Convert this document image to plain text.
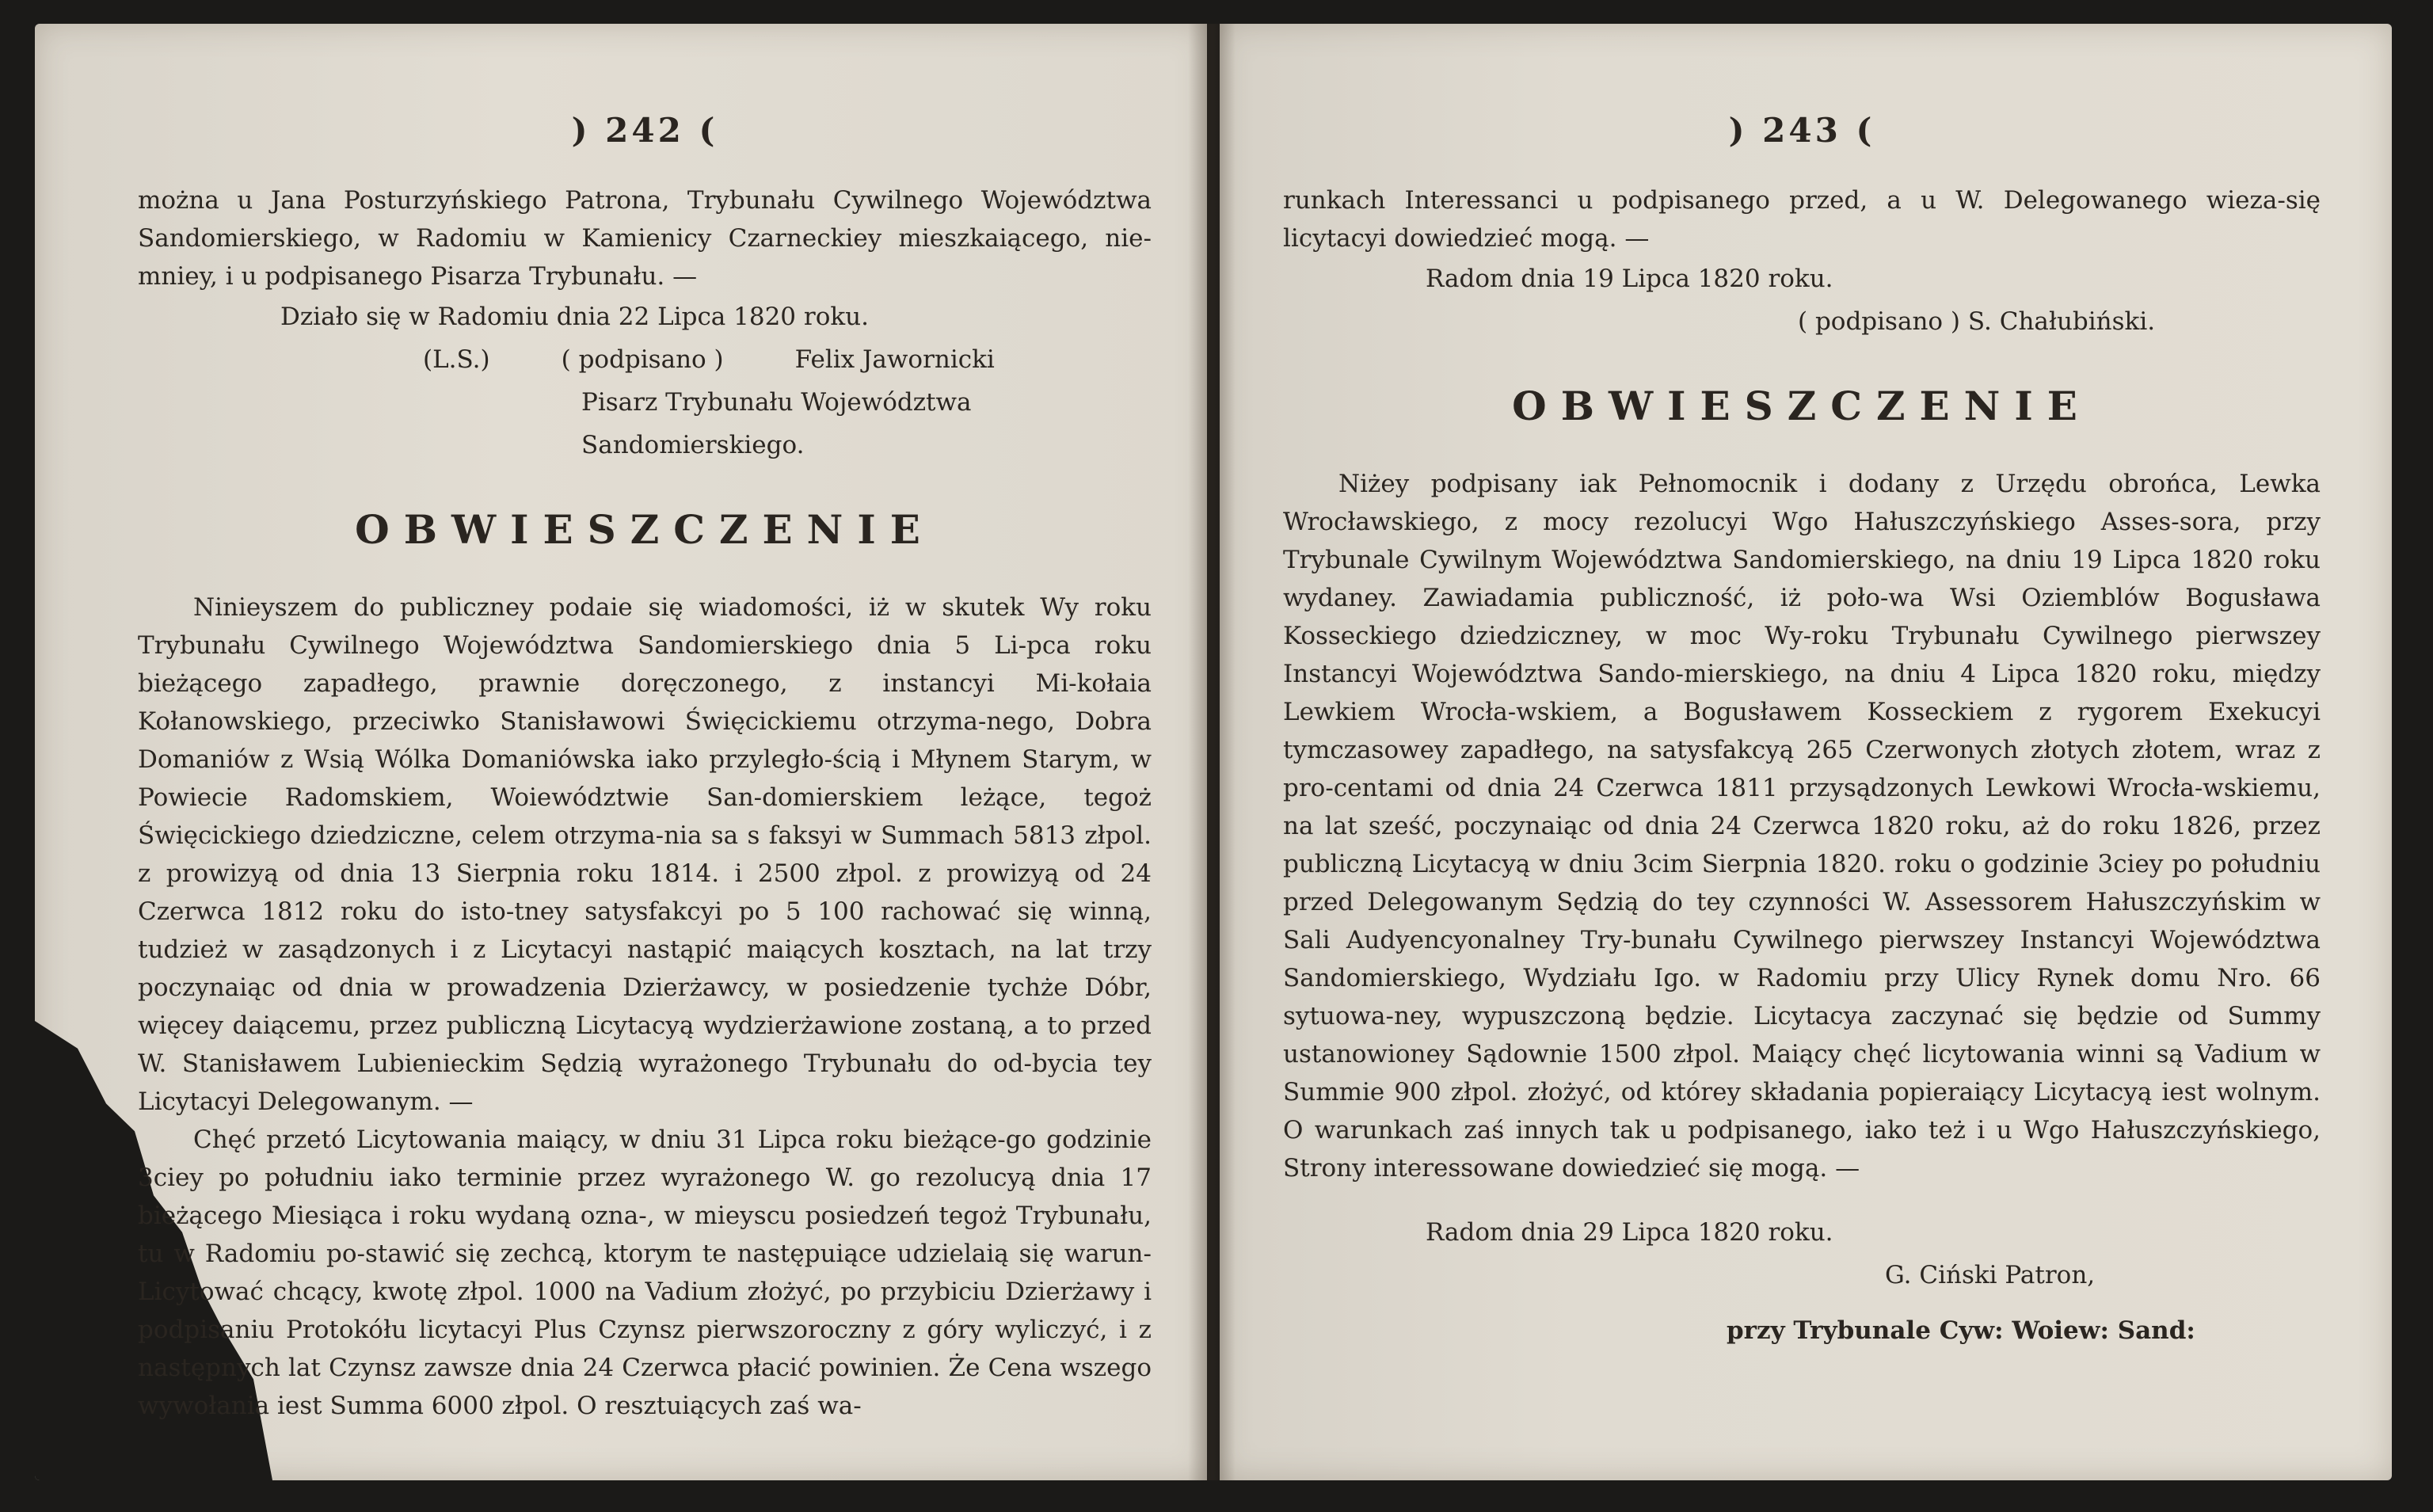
) 242 (

można u Jana Posturzyńskiego Patrona, Trybunału Cywilnego Województwa Sandomierskiego, w Radomiu w Kamienicy Czarneckiey mieszkaiącego, nie-mniey, i u podpisanego Pisarza Trybunału. —

Działo się w Radomiu dnia 22 Lipca 1820 roku.
(L.S.)	( podpisano )	Felix Jawornicki
Pisarz Trybunału Województwa Sandomierskiego.
OBWIESZCZENIE

Ninieyszem do publiczney podaie się wiadomości, iż w skutek Wy roku Trybunału Cywilnego Województwa Sandomierskiego dnia 5 Li-pca roku bieżącego zapadłego, prawnie doręczonego, z instancyi Mi-kołaia Kołanowskiego, przeciwko Stanisławowi Święcickiemu otrzyma-nego, Dobra Domaniów z Wsią Wólka Domaniówska iako przyległo-ścią i Młynem Starym, w Powiecie Radomskiem, Woiewództwie San-domierskiem leżące, tegoż Święcickiego dziedziczne, celem otrzyma-nia sa s faksyi w Summach 5813 złpol. z prowizyą od dnia 13 Sierpnia roku 1814. i 2500 złpol. z prowizyą od 24 Czerwca 1812 roku do isto-tney satysfakcyi po 5 100 rachować się winną, tudzież w zasądzonych i z Licytacyi nastąpić maiących kosztach, na lat trzy poczynaiąc od dnia w prowadzenia Dzierżawcy, w posiedzenie tychże Dóbr, więcey daiącemu, przez publiczną Licytacyą wydzierżawione zostaną, a to przed W. Stanisławem Lubienieckim Sędzią wyrażonego Trybunału do od-bycia tey Licytacyi Delegowanym. —

Chęć przetó Licytowania maiący, w dniu 31 Lipca roku bieżące-go godzinie 3ciey po południu iako terminie przez wyrażonego W. go rezolucyą dnia 17 bieżącego Miesiąca i roku wydaną ozna-, w mieyscu posiedzeń tegoż Trybunału, tu w Radomiu po-stawić się zechcą, ktorym te następuiące udzielaią się warun-Licytować chcący, kwotę złpol. 1000 na Vadium złożyć, po przybiciu Dzierżawy i podpisaniu Protokółu licytacyi Plus Czynsz pierwszoroczny z góry wyliczyć, i z następnych lat Czynsz zawsze dnia 24 Czerwca płacić powinien. Że Cena wszego wywołania iest Summa 6000 złpol. O resztuiących zaś wa-

) 243 (

runkach Interessanci u podpisanego przed, a u W. Delegowanego wieza-się licytacyi dowiedzieć mogą. —

Radom dnia 19 Lipca 1820 roku.
( podpisano ) S. Chałubiński.
OBWIESZCZENIE

Niżey podpisany iak Pełnomocnik i dodany z Urzędu obrońca, Lewka Wrocławskiego, z mocy rezolucyi Wgo Hałuszczyńskiego Asses-sora, przy Trybunale Cywilnym Województwa Sandomierskiego, na dniu 19 Lipca 1820 roku wydaney. Zawiadamia publiczność, iż poło-wa Wsi Oziemblów Bogusława Kosseckiego dziedziczney, w moc Wy-roku Trybunału Cywilnego pierwszey Instancyi Województwa Sando-mierskiego, na dniu 4 Lipca 1820 roku, między Lewkiem Wrocła-wskiem, a Bogusławem Kosseckiem z rygorem Exekucyi tymczasowey zapadłego, na satysfakcyą 265 Czerwonych złotych złotem, wraz z pro-centami od dnia 24 Czerwca 1811 przysądzonych Lewkowi Wrocła-wskiemu, na lat sześć, poczynaiąc od dnia 24 Czerwca 1820 roku, aż do roku 1826, przez publiczną Licytacyą w dniu 3cim Sierpnia 1820. roku o godzinie 3ciey po południu przed Delegowanym Sędzią do tey czynności W. Assessorem Hałuszczyńskim w Sali Audyencyonalney Try-bunału Cywilnego pierwszey Instancyi Województwa Sandomierskiego, Wydziału Igo. w Radomiu przy Ulicy Rynek domu Nro. 66 sytuowa-ney, wypuszczoną będzie. Licytacya zaczynać się będzie od Summy ustanowioney Sądownie 1500 złpol. Maiący chęć licytowania winni są Vadium w Summie 900 złpol. złożyć, od którey składania popieraiący Licytacyą iest wolnym. O warunkach zaś innych tak u podpisanego, iako też i u Wgo Hałuszczyńskiego, Strony interessowane dowiedzieć się mogą. —

Radom dnia 29 Lipca 1820 roku.
G. Ciński Patron,
przy Trybunale Cyw: Woiew: Sand:
